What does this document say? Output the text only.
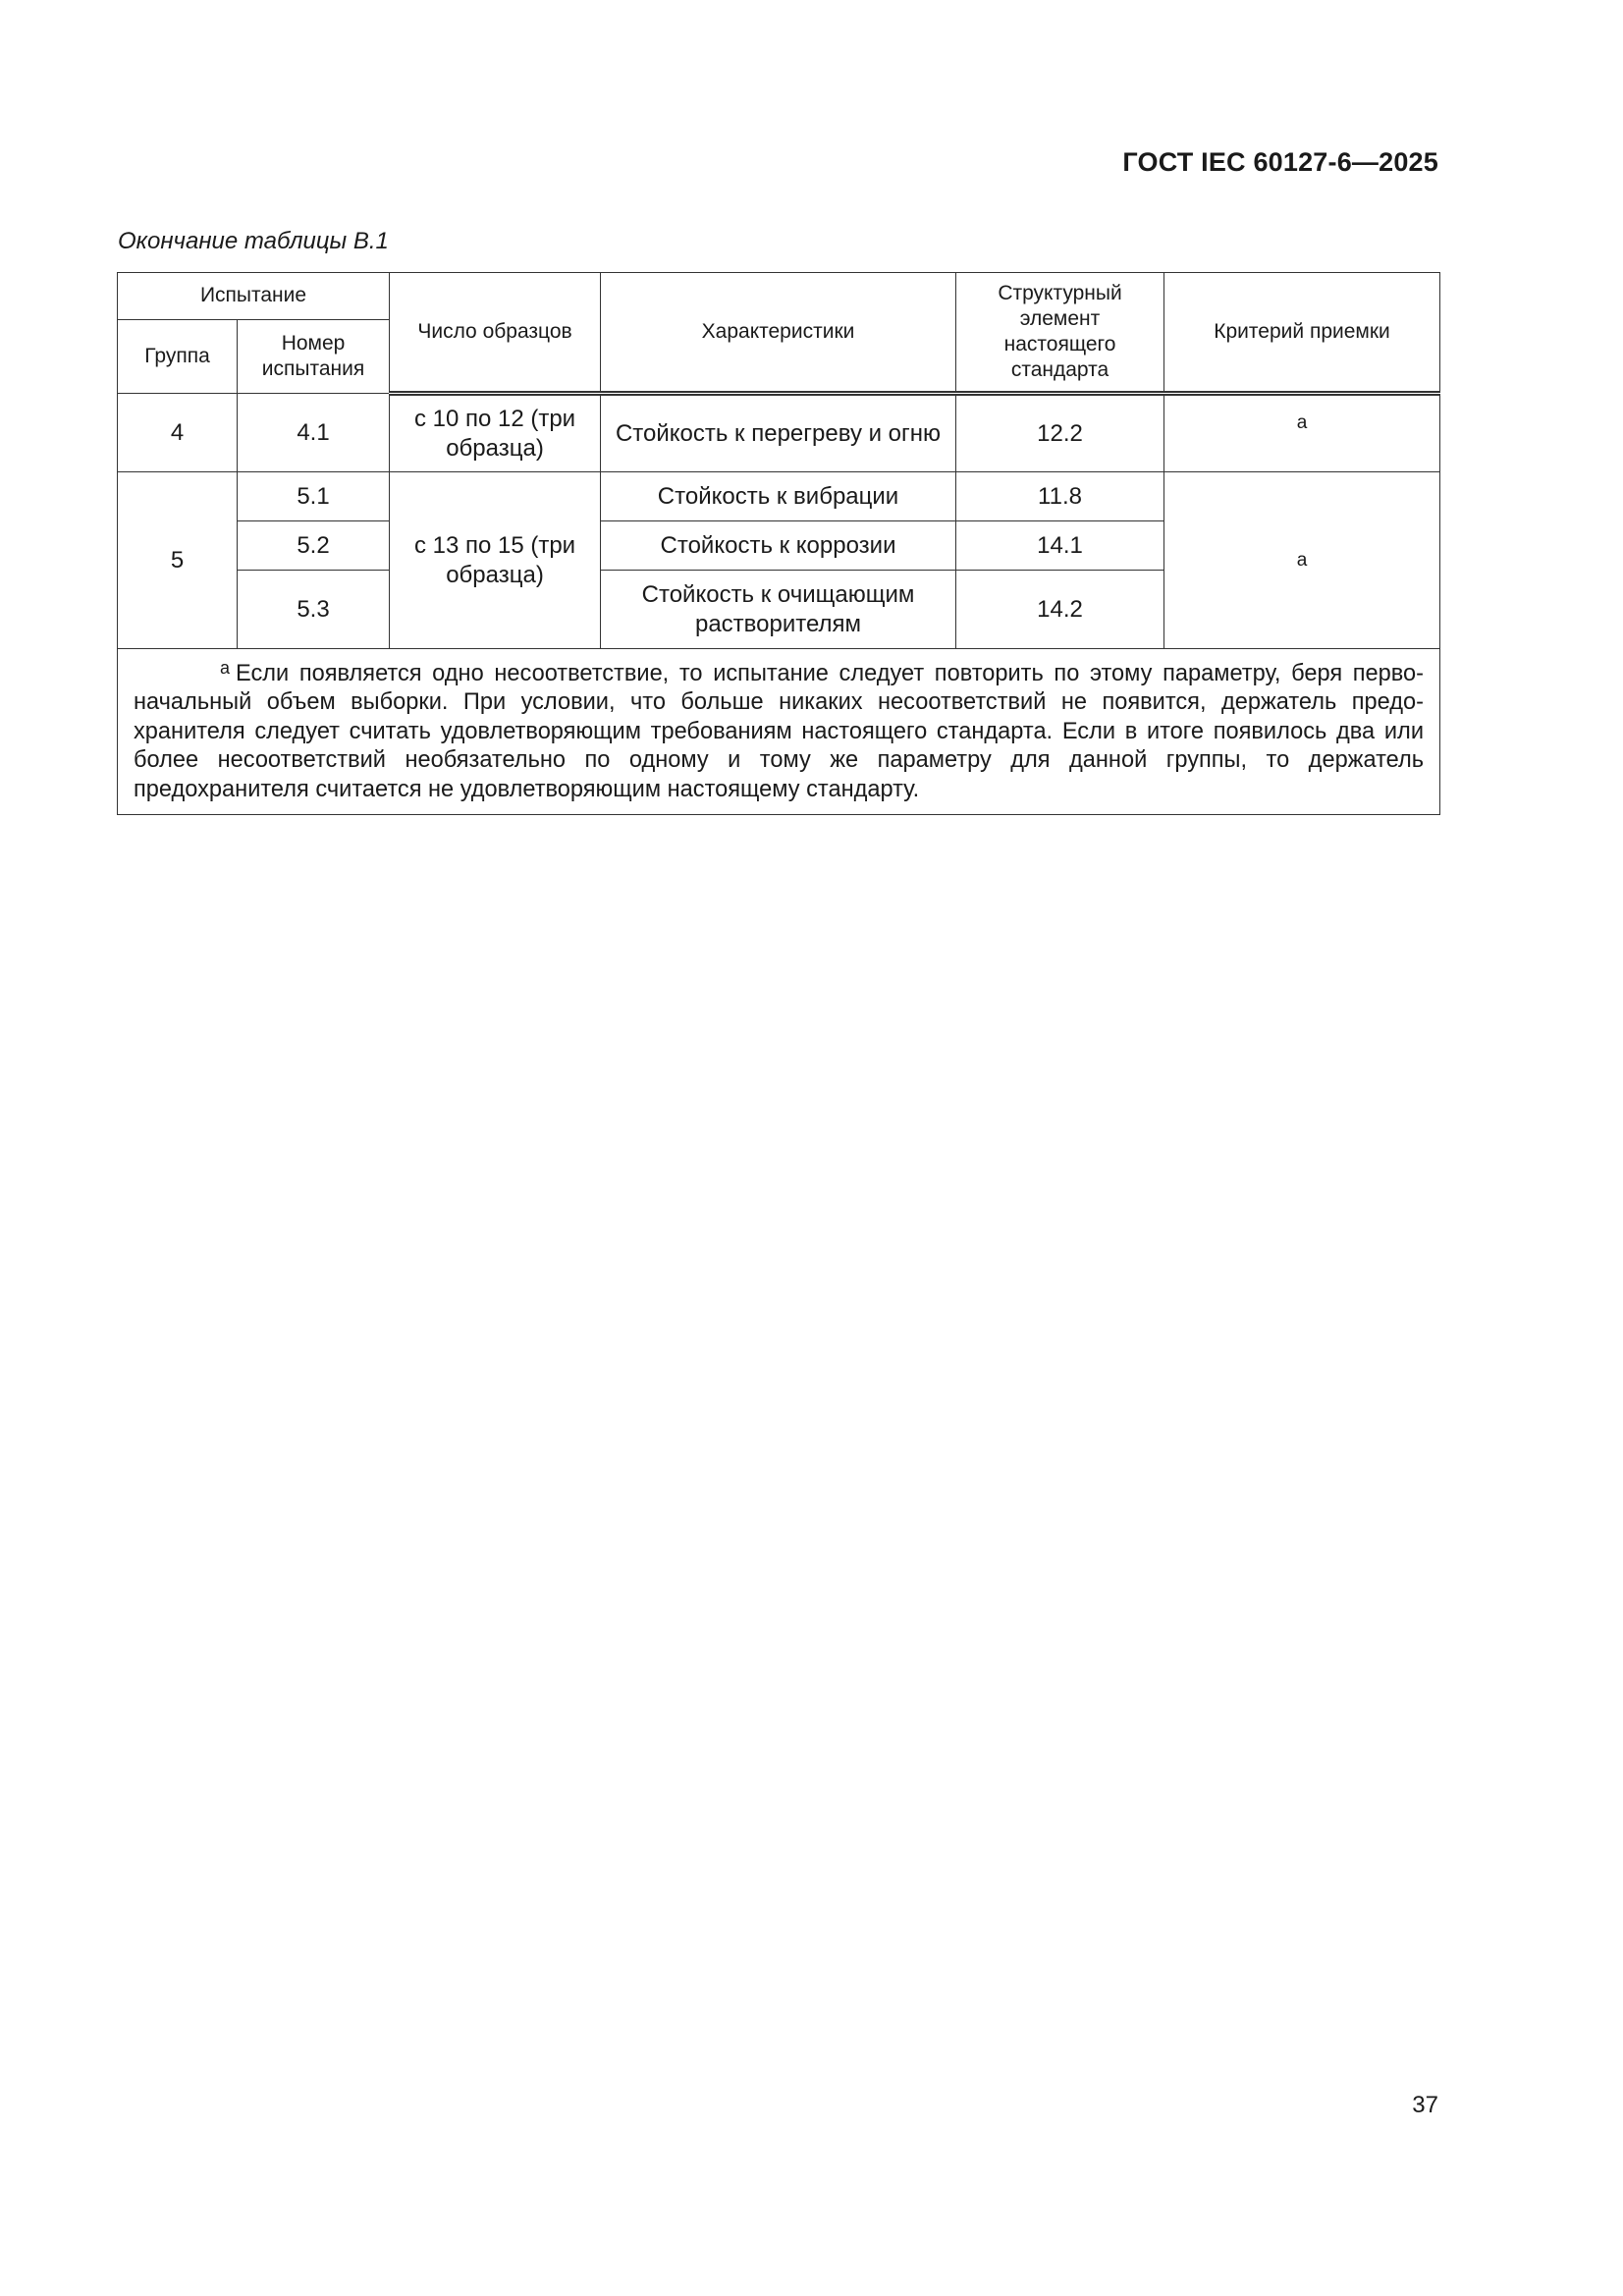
ГОСТ IEC 60127-6—2025
Окончание таблицы В.1
Испытание		Число образцов	Характеристики	Структурный элемент настоящего стандарта	Критерий приемки
Группа	Номер испытания				
4	4.1	с 10 по 12 (три образца)	Стойкость к перегреву и огню	12.2	a
5	5.1	с 13 по 15 (три образца)	Стойкость к вибрации	11.8	a
	5.2		Стойкость к коррозии	14.1	
	5.3		Стойкость к очищающим растворителям	14.2	
$^a$ Если появляется одно несоответствие, то испытание следует повторить по этому параметру, беря перво-начальный объем выборки. При условии, что больше никаких несоответствий не появится, держатель предо-хранителя следует считать удовлетворяющим требованиям настоящего стандарта. Если в итоге появилось два или более несоответствий необязательно по одному и тому же параметру для данной группы, то держатель предохранителя считается не удовлетворяющим настоящему стандарту.					
37
